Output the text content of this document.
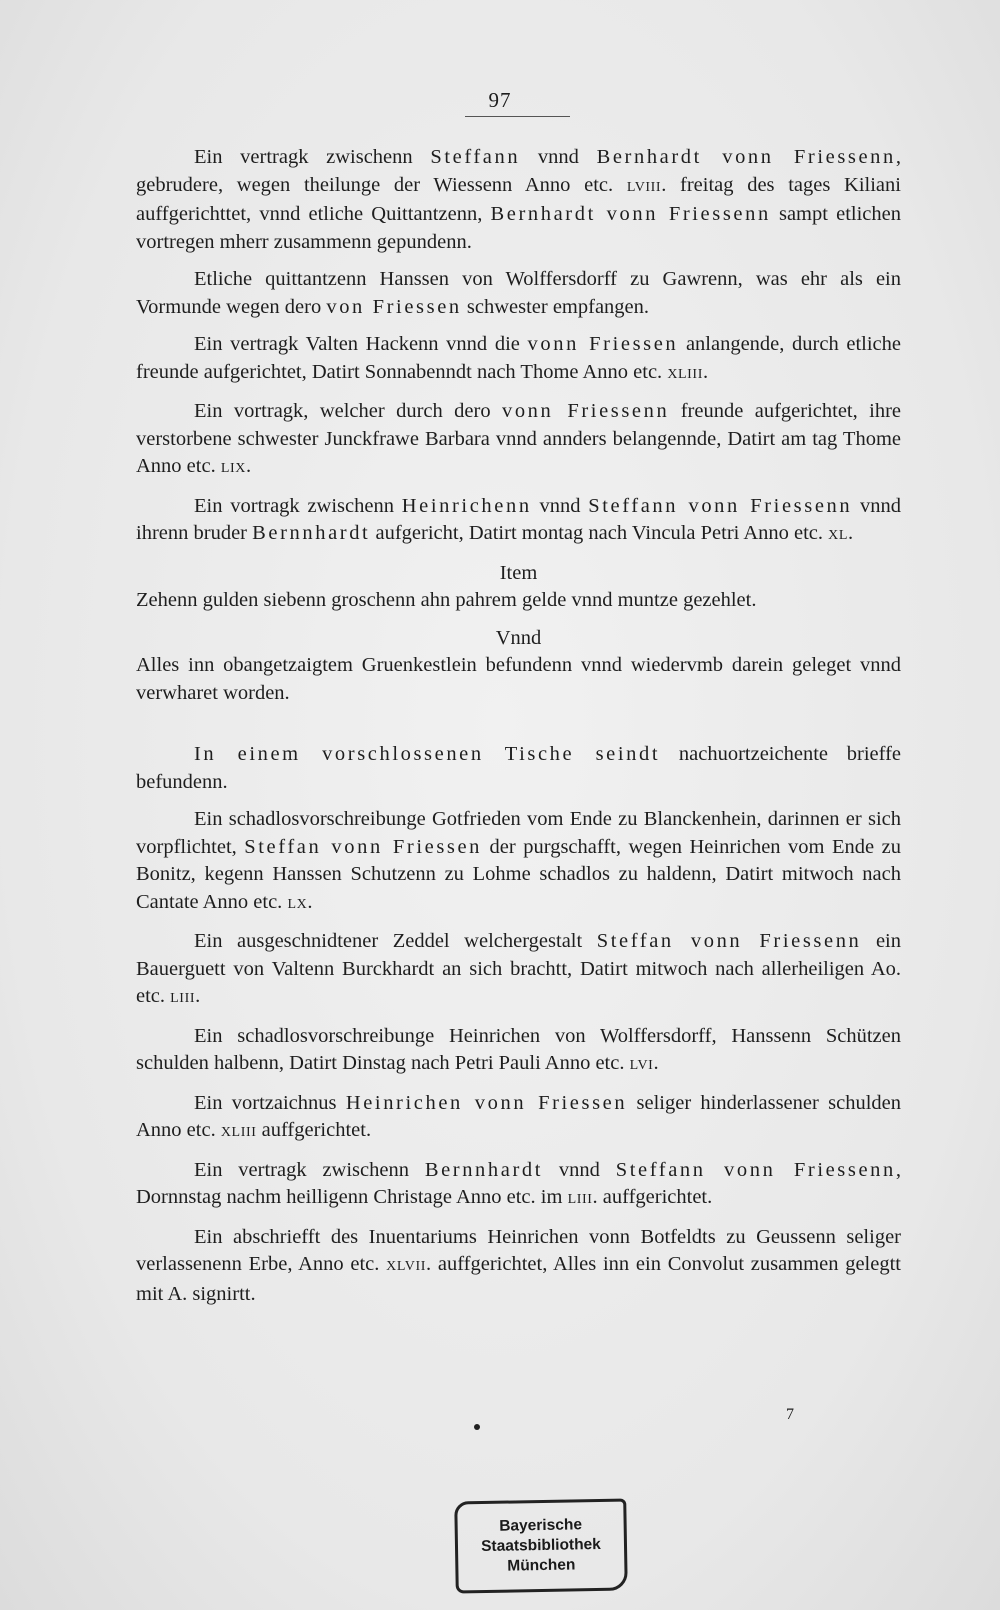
97

Ein vertragk zwischenn Steffann vnnd Bernhardt vonn Friessenn, gebrudere, wegen theilunge der Wiessenn Anno etc. LVIII. freitag des tages Kiliani auffgerichttet, vnnd etliche Quittantzenn, Bernhardt vonn Friessenn sampt etlichen vortregen mherr zusammenn gepundenn.

Etliche quittantzenn Hanssen von Wolffersdorff zu Gawrenn, was ehr als ein Vormunde wegen dero von Friessen schwester empfangen.

Ein vertragk Valten Hackenn vnnd die vonn Friessen anlangende, durch etliche freunde aufgerichtet, Datirt Sonnabenndt nach Thome Anno etc. XLIII.

Ein vortragk, welcher durch dero vonn Friessenn freunde aufgerichtet, ihre verstorbene schwester Junckfrawe Barbara vnnd annders belangennde, Datirt am tag Thome Anno etc. LIX.

Ein vortragk zwischenn Heinrichenn vnnd Steffann vonn Friessenn vnnd ihrenn bruder Bernnhardt aufgericht, Datirt montag nach Vincula Petri Anno etc. XL.

Item

Zehenn gulden siebenn groschenn ahn pahrem gelde vnnd muntze gezehlet.

Vnnd

Alles inn obangetzaigtem Gruenkestlein befundenn vnnd wiedervmb darein geleget vnnd verwharet worden.

In einem vorschlossenen Tische seindt nachuortzeichente brieffe befundenn.

Ein schadlosvorschreibunge Gotfrieden vom Ende zu Blanckenhein, darinnen er sich vorpflichtet, Steffan vonn Friessen der purgschafft, wegen Heinrichen vom Ende zu Bonitz, kegenn Hanssen Schutzenn zu Lohme schadlos zu haldenn, Datirt mitwoch nach Cantate Anno etc. LX.

Ein ausgeschnidtener Zeddel welchergestalt Steffan vonn Friessenn ein Bauerguett von Valtenn Burckhardt an sich brachtt, Datirt mitwoch nach allerheiligen Ao. etc. LIII.

Ein schadlosvorschreibunge Heinrichen von Wolffersdorff, Hanssenn Schützen schulden halbenn, Datirt Dinstag nach Petri Pauli Anno etc. LVI.

Ein vortzaichnus Heinrichen vonn Friessen seliger hinderlassener schulden Anno etc. XLIII auffgerichtet.

Ein vertragk zwischenn Bernnhardt vnnd Steffann vonn Friessenn, Dornnstag nachm heilligenn Christage Anno etc. im LIII. auffgerichtet.

Ein abschriefft des Inuentariums Heinrichen vonn Botfeldts zu Geussenn seliger verlassenenn Erbe, Anno etc. XLVII. auffgerichtet, Alles inn ein Convolut zusammen gelegtt mit A. signirtt.

7
Bayerische
Staatsbibliothek
München
